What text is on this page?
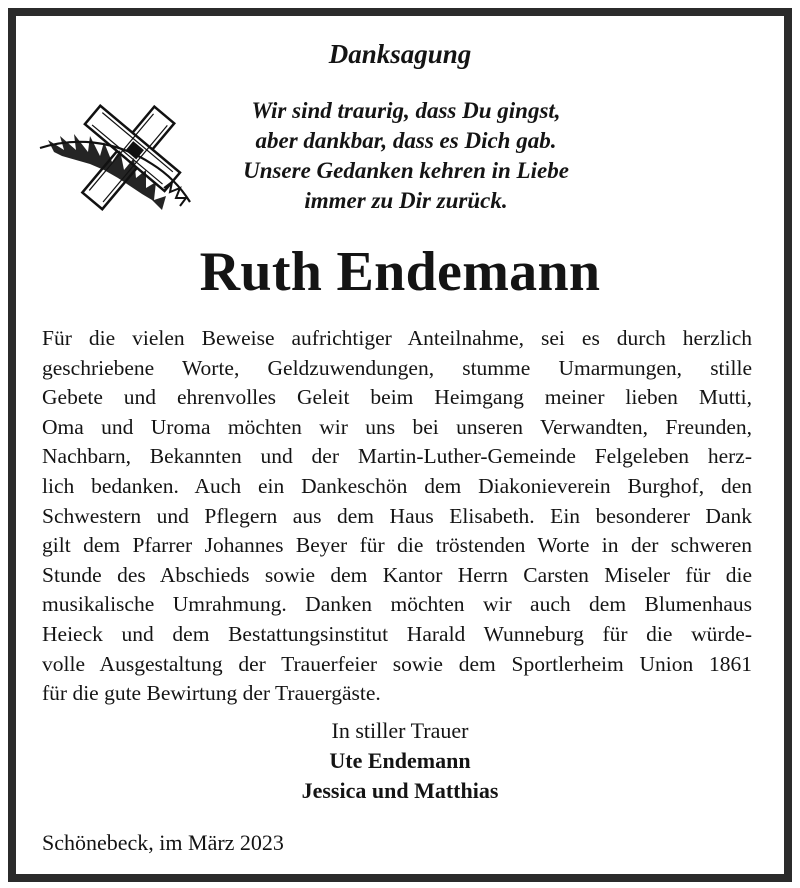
Danksagung
Wir sind traurig, dass Du gingst,
aber dankbar, dass es Dich gab.
Unsere Gedanken kehren in Liebe
immer zu Dir zurück.
Ruth Endemann
Für die vielen Beweise aufrichtiger Anteilnahme, sei es durch herzlich
geschriebene Worte, Geldzuwendungen, stumme Umarmungen, stille
Gebete und ehrenvolles Geleit beim Heimgang meiner lieben Mutti,
Oma und Uroma möchten wir uns bei unseren Verwandten, Freunden,
Nachbarn, Bekannten und der Martin-Luther-Gemeinde Felgeleben herz-
lich bedanken. Auch ein Dankeschön dem Diakonieverein Burghof, den
Schwestern und Pflegern aus dem Haus Elisabeth. Ein besonderer Dank
gilt dem Pfarrer Johannes Beyer für die tröstenden Worte in der schweren
Stunde des Abschieds sowie dem Kantor Herrn Carsten Miseler für die
musikalische Umrahmung. Danken möchten wir auch dem Blumenhaus
Heieck und dem Bestattungsinstitut Harald Wunneburg für die würde-
volle Ausgestaltung der Trauerfeier sowie dem Sportlerheim Union 1861
für die gute Bewirtung der Trauergäste.
In stiller Trauer
Ute Endemann
Jessica und Matthias
Schönebeck, im März 2023
